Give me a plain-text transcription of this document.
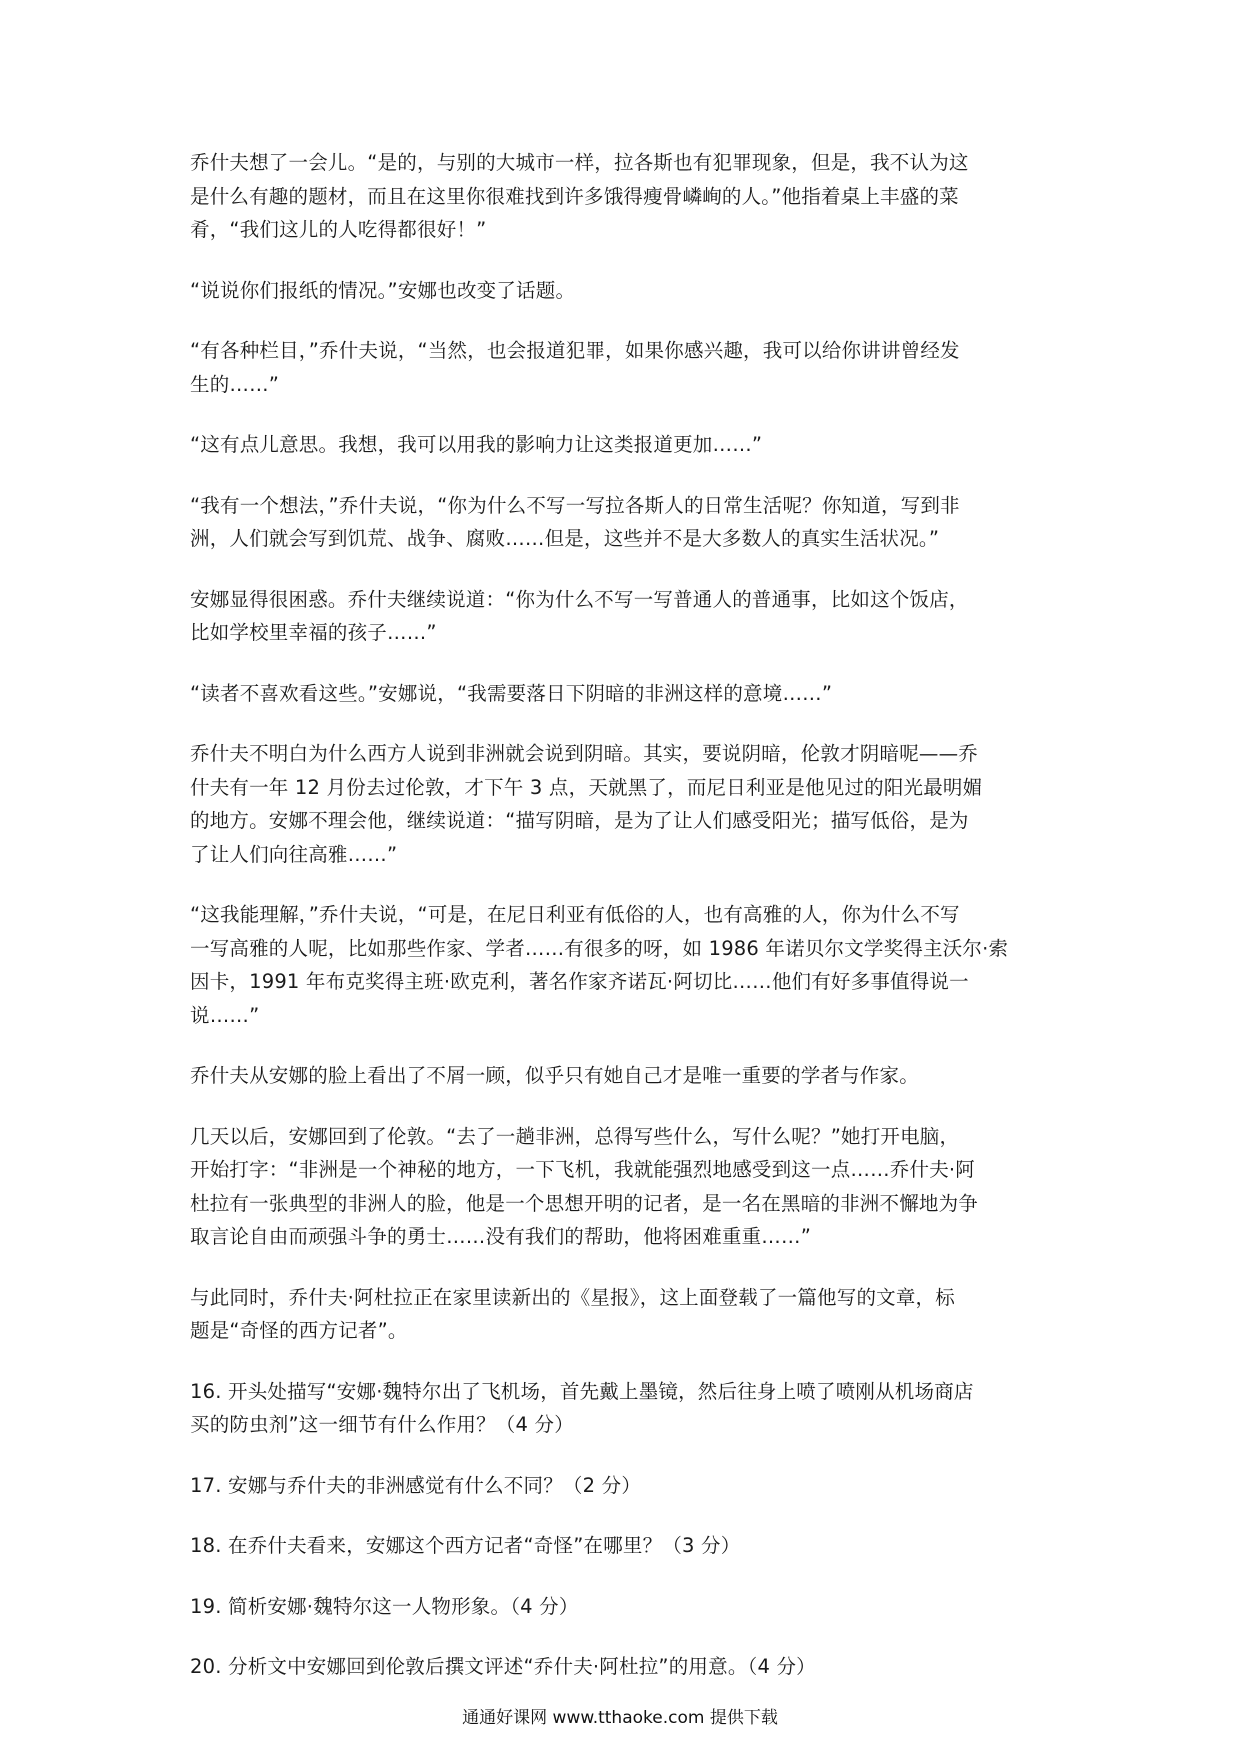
乔什夫想了一会儿。“是的，与别的大城市一样，拉各斯也有犯罪现象，但是，我不认为这
是什么有趣的题材，而且在这里你很难找到许多饿得瘦骨嶙峋的人。”他指着桌上丰盛的菜
肴，“我们这儿的人吃得都很好！”

“说说你们报纸的情况。”安娜也改变了话题。

“有各种栏目，”乔什夫说，“当然，也会报道犯罪，如果你感兴趣，我可以给你讲讲曾经发
生的……”

“这有点儿意思。我想，我可以用我的影响力让这类报道更加……”

“我有一个想法，”乔什夫说，“你为什么不写一写拉各斯人的日常生活呢？你知道，写到非
洲，人们就会写到饥荒、战争、腐败……但是，这些并不是大多数人的真实生活状况。”

安娜显得很困惑。乔什夫继续说道：“你为什么不写一写普通人的普通事，比如这个饭店，
比如学校里幸福的孩子……”

“读者不喜欢看这些。”安娜说，“我需要落日下阴暗的非洲这样的意境……”

乔什夫不明白为什么西方人说到非洲就会说到阴暗。其实，要说阴暗，伦敦才阴暗呢——乔
什夫有一年 12 月份去过伦敦，才下午 3 点，天就黑了，而尼日利亚是他见过的阳光最明媚
的地方。安娜不理会他，继续说道：“描写阴暗，是为了让人们感受阳光；描写低俗，是为
了让人们向往高雅……”

“这我能理解，”乔什夫说，“可是，在尼日利亚有低俗的人，也有高雅的人，你为什么不写
一写高雅的人呢，比如那些作家、学者……有很多的呀，如 1986 年诺贝尔文学奖得主沃尔·索
因卡，1991 年布克奖得主班·欧克利，著名作家齐诺瓦·阿切比……他们有好多事值得说一
说……”

乔什夫从安娜的脸上看出了不屑一顾，似乎只有她自己才是唯一重要的学者与作家。

几天以后，安娜回到了伦敦。“去了一趟非洲，总得写些什么，写什么呢？”她打开电脑，
开始打字：“非洲是一个神秘的地方，一下飞机，我就能强烈地感受到这一点……乔什夫·阿
杜拉有一张典型的非洲人的脸，他是一个思想开明的记者，是一名在黑暗的非洲不懈地为争
取言论自由而顽强斗争的勇士……没有我们的帮助，他将困难重重……”

与此同时，乔什夫·阿杜拉正在家里读新出的《星报》，这上面登载了一篇他写的文章，标
题是“奇怪的西方记者”。

16. 开头处描写“安娜·魏特尔出了飞机场，首先戴上墨镜，然后往身上喷了喷刚从机场商店
买的防虫剂”这一细节有什么作用？（4 分）

17. 安娜与乔什夫的非洲感觉有什么不同？（2 分）

18. 在乔什夫看来，安娜这个西方记者“奇怪”在哪里？（3 分）

19. 简析安娜·魏特尔这一人物形象。（4 分）

20. 分析文中安娜回到伦敦后撰文评述“乔什夫·阿杜拉”的用意。（4 分）

通通好课网 www.tthaoke.com 提供下载
